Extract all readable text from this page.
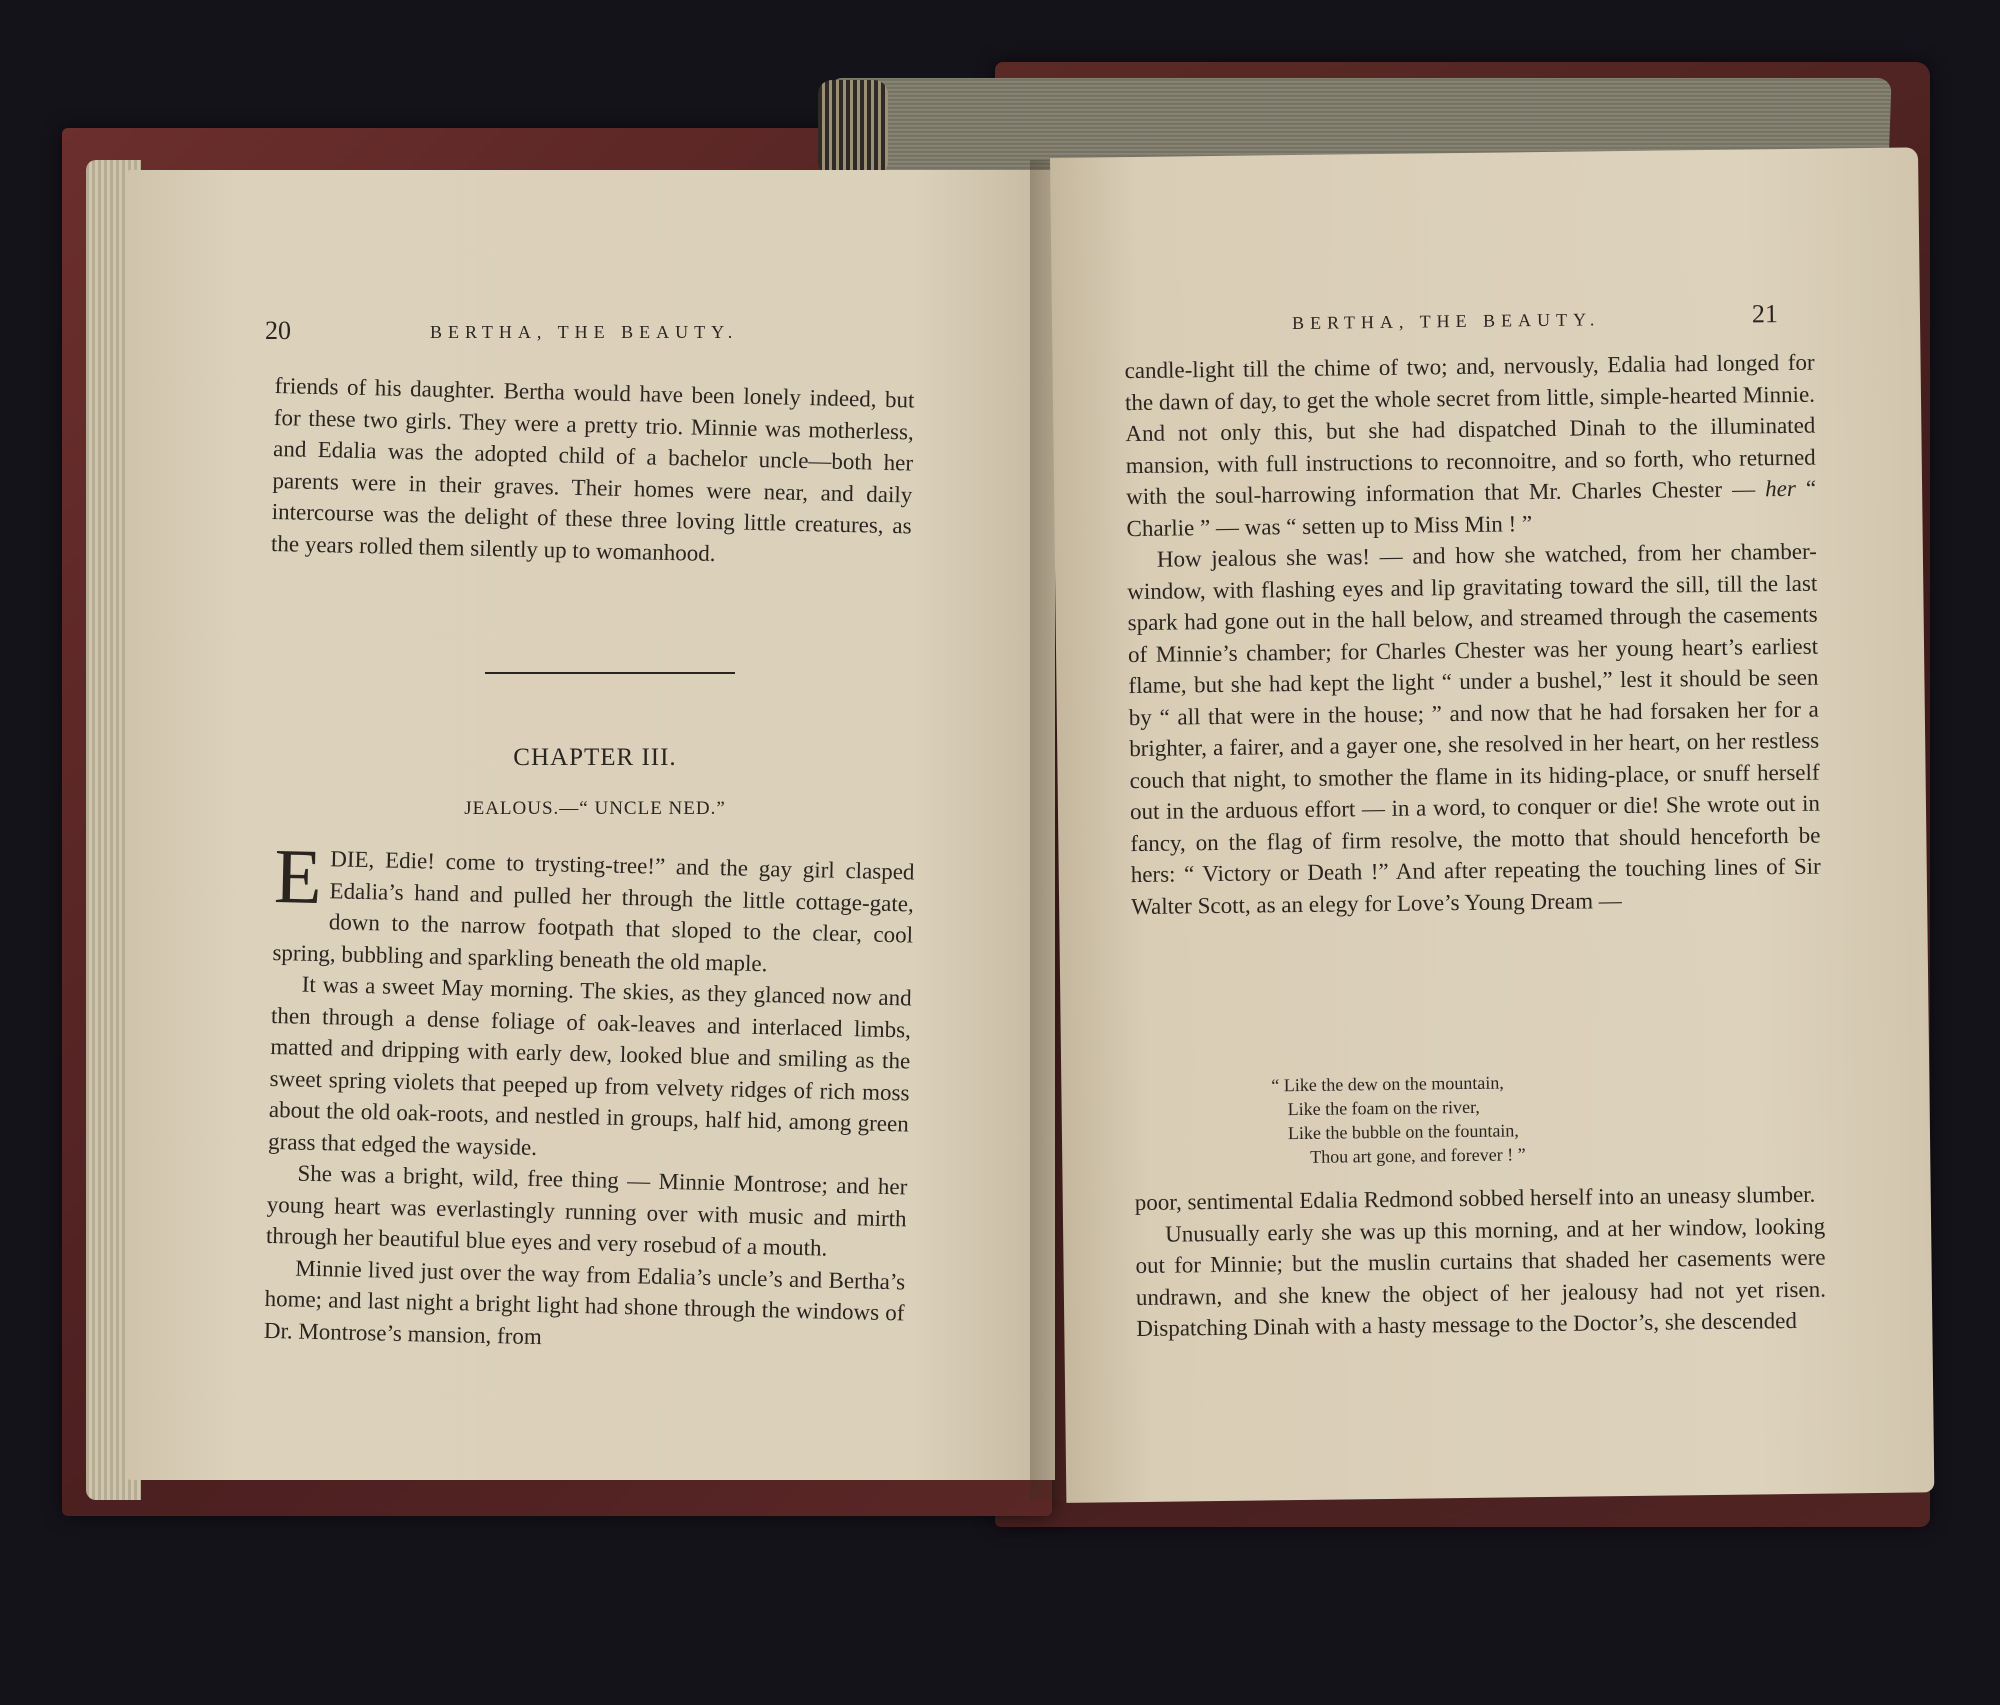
20	BERTHA, THE BEAUTY.

friends of his daughter. Bertha would have been lonely indeed, but for these two girls. They were a pretty trio. Minnie was motherless, and Edalia was the adopted child of a bachelor uncle—both her parents were in their graves. Their homes were near, and daily intercourse was the delight of these three loving little creatures, as the years rolled them silently up to womanhood.

CHAPTER III.
JEALOUS.—“ UNCLE NED.”

EDIE, Edie! come to trysting-tree!” and the gay girl clasped Edalia’s hand and pulled her through the little cottage-gate, down to the narrow footpath that sloped to the clear, cool spring, bubbling and sparkling beneath the old maple.

It was a sweet May morning. The skies, as they glanced now and then through a dense foliage of oak-leaves and interlaced limbs, matted and dripping with early dew, looked blue and smiling as the sweet spring violets that peeped up from velvety ridges of rich moss about the old oak-roots, and nestled in groups, half hid, among green grass that edged the wayside.

She was a bright, wild, free thing — Minnie Montrose; and her young heart was everlastingly running over with music and mirth through her beautiful blue eyes and very rosebud of a mouth.

Minnie lived just over the way from Edalia’s uncle’s and Bertha’s home; and last night a bright light had shone through the windows of Dr. Montrose’s mansion, from

BERTHA, THE BEAUTY.	21

candle-light till the chime of two; and, nervously, Edalia had longed for the dawn of day, to get the whole secret from little, simple-hearted Minnie. And not only this, but she had dispatched Dinah to the illuminated mansion, with full instructions to reconnoitre, and so forth, who returned with the soul-harrowing information that Mr. Charles Chester — her “ Charlie ” — was “ setten up to Miss Min ! ”

How jealous she was! — and how she watched, from her chamber-window, with flashing eyes and lip gravitating toward the sill, till the last spark had gone out in the hall below, and streamed through the casements of Minnie’s chamber; for Charles Chester was her young heart’s earliest flame, but she had kept the light “ under a bushel,” lest it should be seen by “ all that were in the house; ” and now that he had forsaken her for a brighter, a fairer, and a gayer one, she resolved in her heart, on her restless couch that night, to smother the flame in its hiding-place, or snuff herself out in the arduous effort — in a word, to conquer or die! She wrote out in fancy, on the flag of firm resolve, the motto that should henceforth be hers: “ Victory or Death !” And after repeating the touching lines of Sir Walter Scott, as an elegy for Love’s Young Dream —

“ Like the dew on the mountain,
Like the foam on the river,
Like the bubble on the fountain,
Thou art gone, and forever ! ”

poor, sentimental Edalia Redmond sobbed herself into an uneasy slumber.

Unusually early she was up this morning, and at her window, looking out for Minnie; but the muslin curtains that shaded her casements were undrawn, and she knew the object of her jealousy had not yet risen. Dispatching Dinah with a hasty message to the Doctor’s, she descended
